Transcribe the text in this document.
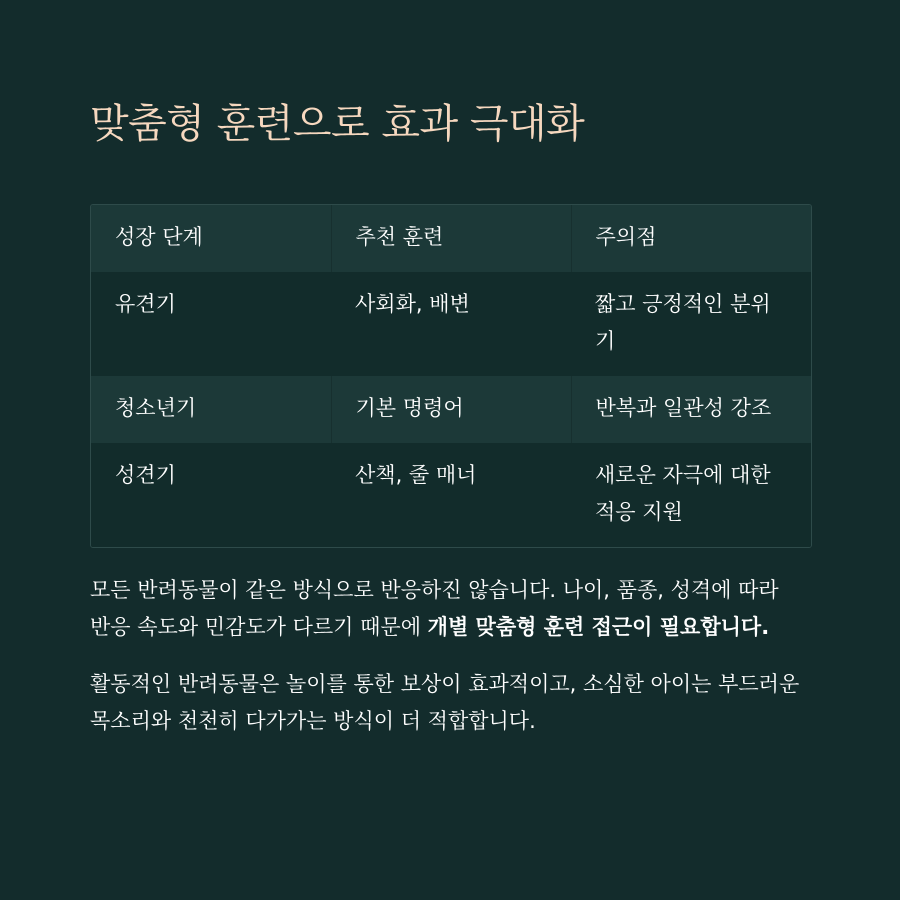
맞춤형 훈련으로 효과 극대화
성장 단계	추천 훈련	주의점
유견기	사회화, 배변	짧고 긍정적인 분위기
청소년기	기본 명령어	반복과 일관성 강조
성견기	산책, 줄 매너	새로운 자극에 대한 적응 지원

모든 반려동물이 같은 방식으로 반응하진 않습니다. 나이, 품종, 성격에 따라 반응 속도와 민감도가 다르기 때문에 개별 맞춤형 훈련 접근이 필요합니다.

활동적인 반려동물은 놀이를 통한 보상이 효과적이고, 소심한 아이는 부드러운 목소리와 천천히 다가가는 방식이 더 적합합니다.
